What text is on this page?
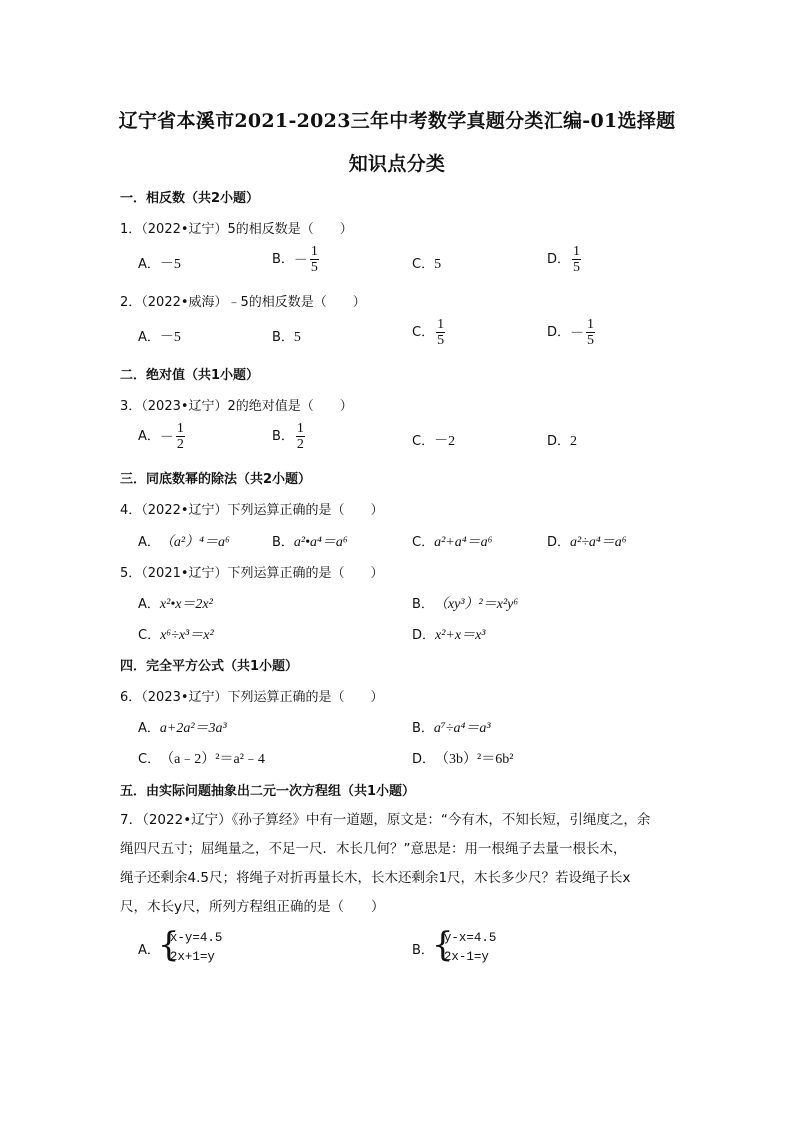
辽宁省本溪市2021-2023三年中考数学真题分类汇编-01选择题
知识点分类
一．相反数（共2小题）
1．（2022•辽宁）5的相反数是（　　）
A．－5	B．－ $\frac{1}{5}$	C．5	D． $\frac{1}{5}$
2．（2022•威海）﹣5的相反数是（　　）
A．－5	B．5	C． $\frac{1}{5}$	D．－ $\frac{1}{5}$
二．绝对值（共1小题）
3．（2023•辽宁）2的绝对值是（　　）
A．－ $\frac{1}{2}$	B． $\frac{1}{2}$	C．－2	D．2
三．同底数幂的除法（共2小题）
4．（2022•辽宁）下列运算正确的是（　　）
A．（a²）⁴＝a⁶	B．a²•a⁴＝a⁶	C．a²+a⁴＝a⁶	D．a²÷a⁴＝a⁶
5．（2021•辽宁）下列运算正确的是（　　）
A．x²•x＝2x²	B．（xy³）²＝x²y⁶
C．x⁶÷x³＝x²	D．x²+x＝x³
四．完全平方公式（共1小题）
6．（2023•辽宁）下列运算正确的是（　　）
A．a+2a²＝3a³	B．a⁷÷a⁴＝a³
C．（a﹣2）²＝a²﹣4	D．（3b）²＝6b²
五．由实际问题抽象出二元一次方程组（共1小题）
7．（2022•辽宁）《孙子算经》中有一道题，原文是：“今有木，不知长短，引绳度之，余
绳四尺五寸；屈绳量之，不足一尺．木长几何？”意思是：用一根绳子去量一根长木，
绳子还剩余4.5尺；将绳子对折再量长木，长木还剩余1尺，木长多少尺？若设绳子长x
尺，木长y尺，所列方程组正确的是（　　）
A．
{
x-y=4.5
2x+1=y	B．
{
y-x=4.5
2x-1=y
